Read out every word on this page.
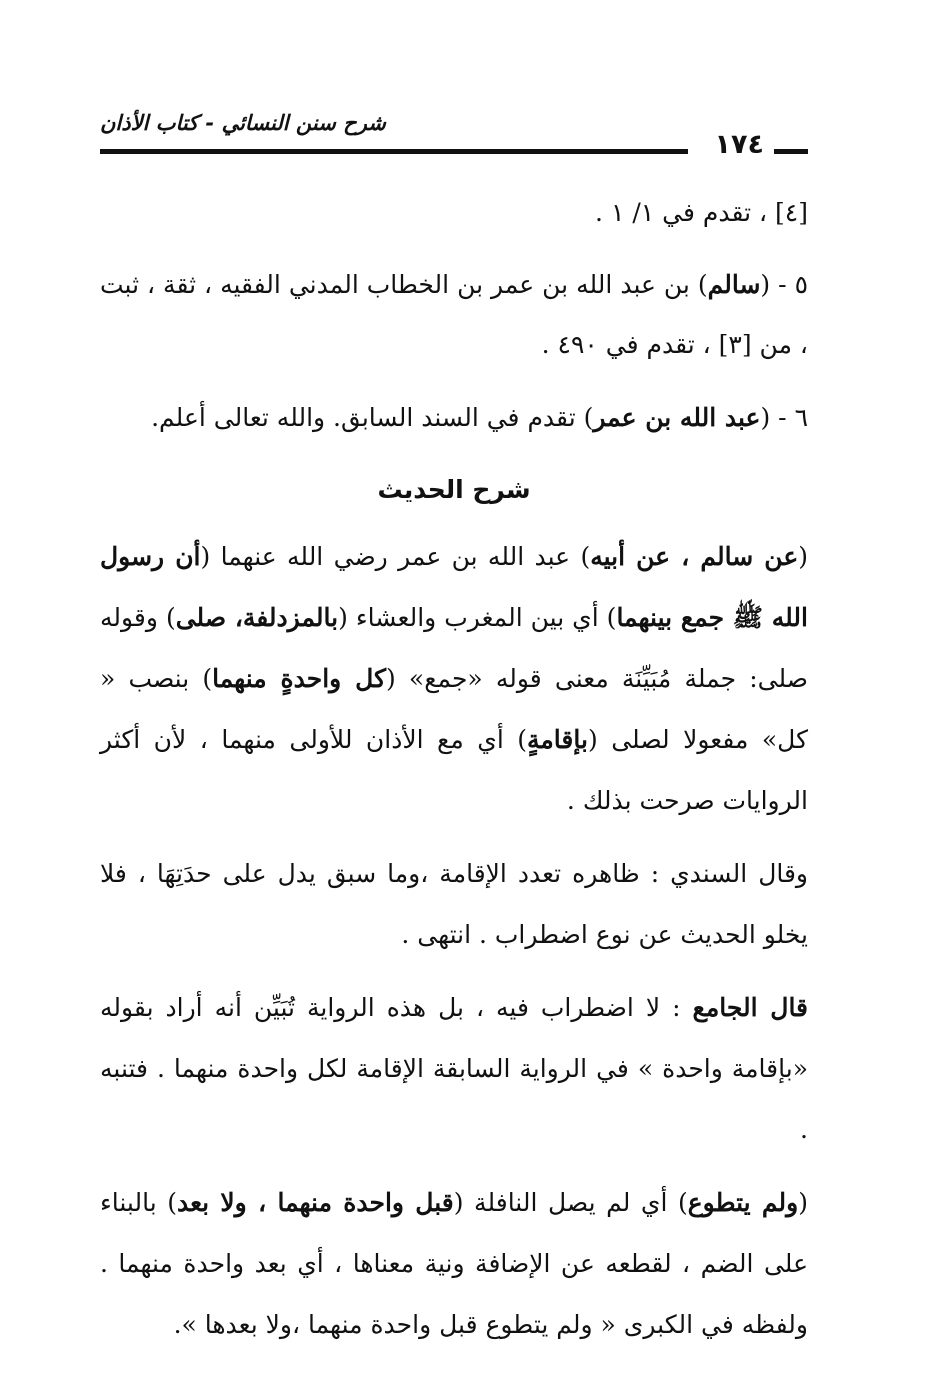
شرح سنن النسائي - كتاب الأذان
١٧٤

[٤] ، تقدم في ١/ ١ .

٥ - (سالم) بن عبد الله بن عمر بن الخطاب المدني الفقيه ، ثقة ، ثبت ، من [٣] ، تقدم في ٤٩٠ .

٦ - (عبد الله بن عمر) تقدم في السند السابق. والله تعالى أعلم.

شرح الحديث

(عن سالم ، عن أبيه) عبد الله بن عمر رضي الله عنهما (أن رسول الله ﷺ جمع بينهما) أي بين المغرب والعشاء (بالمزدلفة، صلى) وقوله صلى: جملة مُبَيِّنَة معنى قوله «جمع» (كل واحدةٍ منهما) بنصب « كل» مفعولا لصلى (بإقامةٍ) أي مع الأذان للأولى منهما ، لأن أكثر الروايات صرحت بذلك .

وقال السندي : ظاهره تعدد الإقامة ،وما سبق يدل على حدَتِهَا ، فلا يخلو الحديث عن نوع اضطراب . انتهى .

قال الجامع : لا اضطراب فيه ، بل هذه الرواية تُبَيِّن أنه أراد بقوله «بإقامة واحدة » في الرواية السابقة الإقامة لكل واحدة منهما . فتنبه .

(ولم يتطوع) أي لم يصل النافلة (قبل واحدة منهما ، ولا بعد) بالبناء على الضم ، لقطعه عن الإضافة ونية معناها ، أي بعد واحدة منهما . ولفظه في الكبرى « ولم يتطوع قبل واحدة منهما ،ولا بعدها ».
